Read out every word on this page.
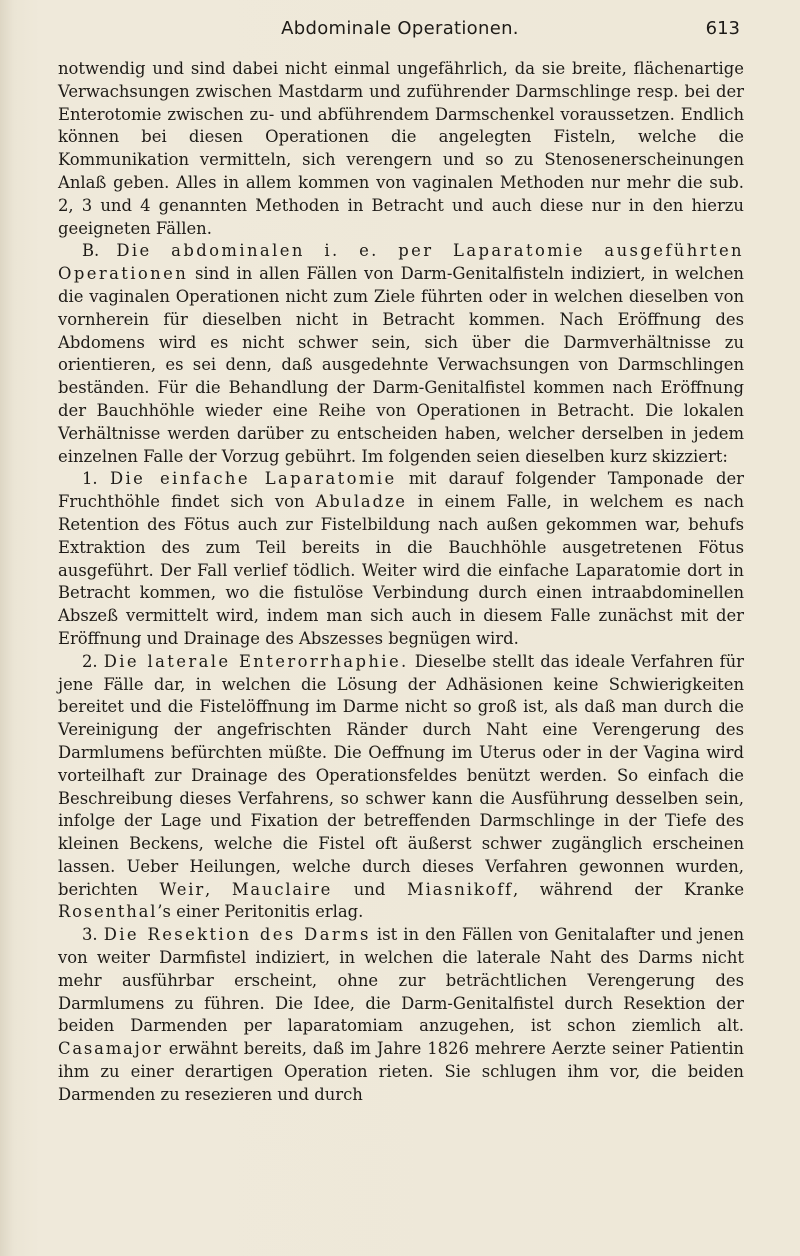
Abdominale Operationen.	613

notwendig und sind dabei nicht einmal ungefährlich, da sie breite, flächenartige Verwachsungen zwischen Mastdarm und zuführender Darmschlinge resp. bei der Enterotomie zwischen zu- und abführendem Darmschenkel voraussetzen. Endlich können bei diesen Operationen die angelegten Fisteln, welche die Kommunikation vermitteln, sich verengern und so zu Stenosenerscheinungen Anlaß geben. Alles in allem kommen von vaginalen Methoden nur mehr die sub. 2, 3 und 4 genannten Methoden in Betracht und auch diese nur in den hierzu geeigneten Fällen.

B. Die abdominalen i. e. per Laparatomie ausgeführten Operationen sind in allen Fällen von Darm-Genitalfisteln indiziert, in welchen die vaginalen Operationen nicht zum Ziele führten oder in welchen dieselben von vornherein für dieselben nicht in Betracht kommen. Nach Eröffnung des Abdomens wird es nicht schwer sein, sich über die Darmverhältnisse zu orientieren, es sei denn, daß ausgedehnte Verwachsungen von Darmschlingen beständen. Für die Behandlung der Darm-Genitalfistel kommen nach Eröffnung der Bauchhöhle wieder eine Reihe von Operationen in Betracht. Die lokalen Verhältnisse werden darüber zu entscheiden haben, welcher derselben in jedem einzelnen Falle der Vorzug gebührt. Im folgenden seien dieselben kurz skizziert:

1. Die einfache Laparatomie mit darauf folgender Tamponade der Fruchthöhle findet sich von Abuladze in einem Falle, in welchem es nach Retention des Fötus auch zur Fistelbildung nach außen gekommen war, behufs Extraktion des zum Teil bereits in die Bauchhöhle ausgetretenen Fötus ausgeführt. Der Fall verlief tödlich. Weiter wird die einfache Laparatomie dort in Betracht kommen, wo die fistulöse Verbindung durch einen intraabdominellen Abszeß vermittelt wird, indem man sich auch in diesem Falle zunächst mit der Eröffnung und Drainage des Abszesses begnügen wird.

2. Die laterale Enterorrhaphie. Dieselbe stellt das ideale Verfahren für jene Fälle dar, in welchen die Lösung der Adhäsionen keine Schwierigkeiten bereitet und die Fistelöffnung im Darme nicht so groß ist, als daß man durch die Vereinigung der angefrischten Ränder durch Naht eine Verengerung des Darmlumens befürchten müßte. Die Oeffnung im Uterus oder in der Vagina wird vorteilhaft zur Drainage des Operationsfeldes benützt werden. So einfach die Beschreibung dieses Verfahrens, so schwer kann die Ausführung desselben sein, infolge der Lage und Fixation der betreffenden Darmschlinge in der Tiefe des kleinen Beckens, welche die Fistel oft äußerst schwer zugänglich erscheinen lassen. Ueber Heilungen, welche durch dieses Verfahren gewonnen wurden, berichten Weir, Mauclaire und Miasnikoff, während der Kranke Rosenthal’s einer Peritonitis erlag.

3. Die Resektion des Darms ist in den Fällen von Genitalafter und jenen von weiter Darmfistel indiziert, in welchen die laterale Naht des Darms nicht mehr ausführbar erscheint, ohne zur beträchtlichen Verengerung des Darmlumens zu führen. Die Idee, die Darm-Genitalfistel durch Resektion der beiden Darmenden per laparatomiam anzugehen, ist schon ziemlich alt. Casamajor erwähnt bereits, daß im Jahre 1826 mehrere Aerzte seiner Patientin ihm zu einer derartigen Operation rieten. Sie schlugen ihm vor, die beiden Darmenden zu resezieren und durch
